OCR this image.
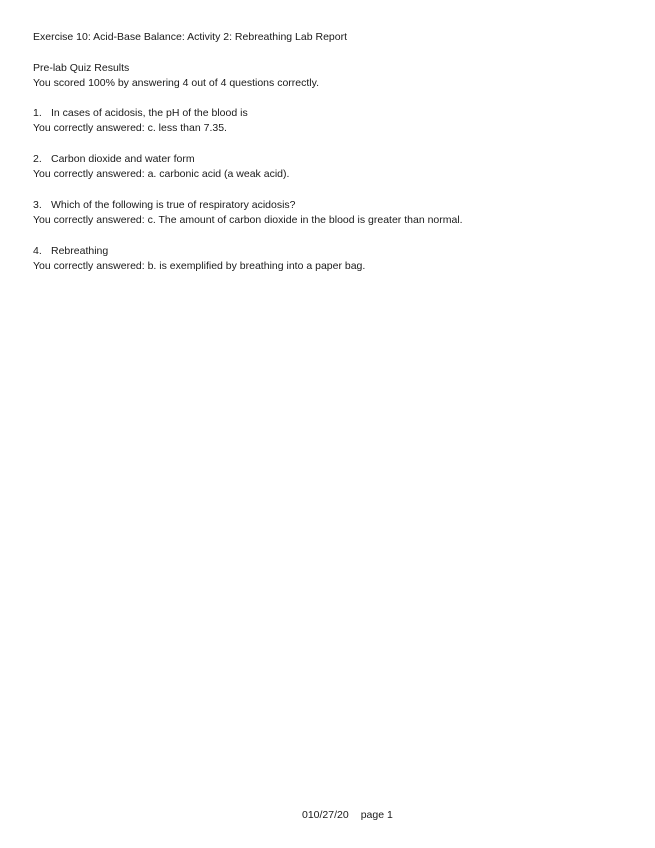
Exercise 10: Acid-Base Balance: Activity 2: Rebreathing Lab Report
Pre-lab Quiz Results
You scored 100% by answering 4 out of 4 questions correctly.
1. In cases of acidosis, the pH of the blood is
You correctly answered: c. less than 7.35.
2. Carbon dioxide and water form
You correctly answered: a. carbonic acid (a weak acid).
3. Which of the following is true of respiratory acidosis?
You correctly answered: c. The amount of carbon dioxide in the blood is greater than normal.
4. Rebreathing
You correctly answered: b. is exemplified by breathing into a paper bag.
010/27/20 page 1
